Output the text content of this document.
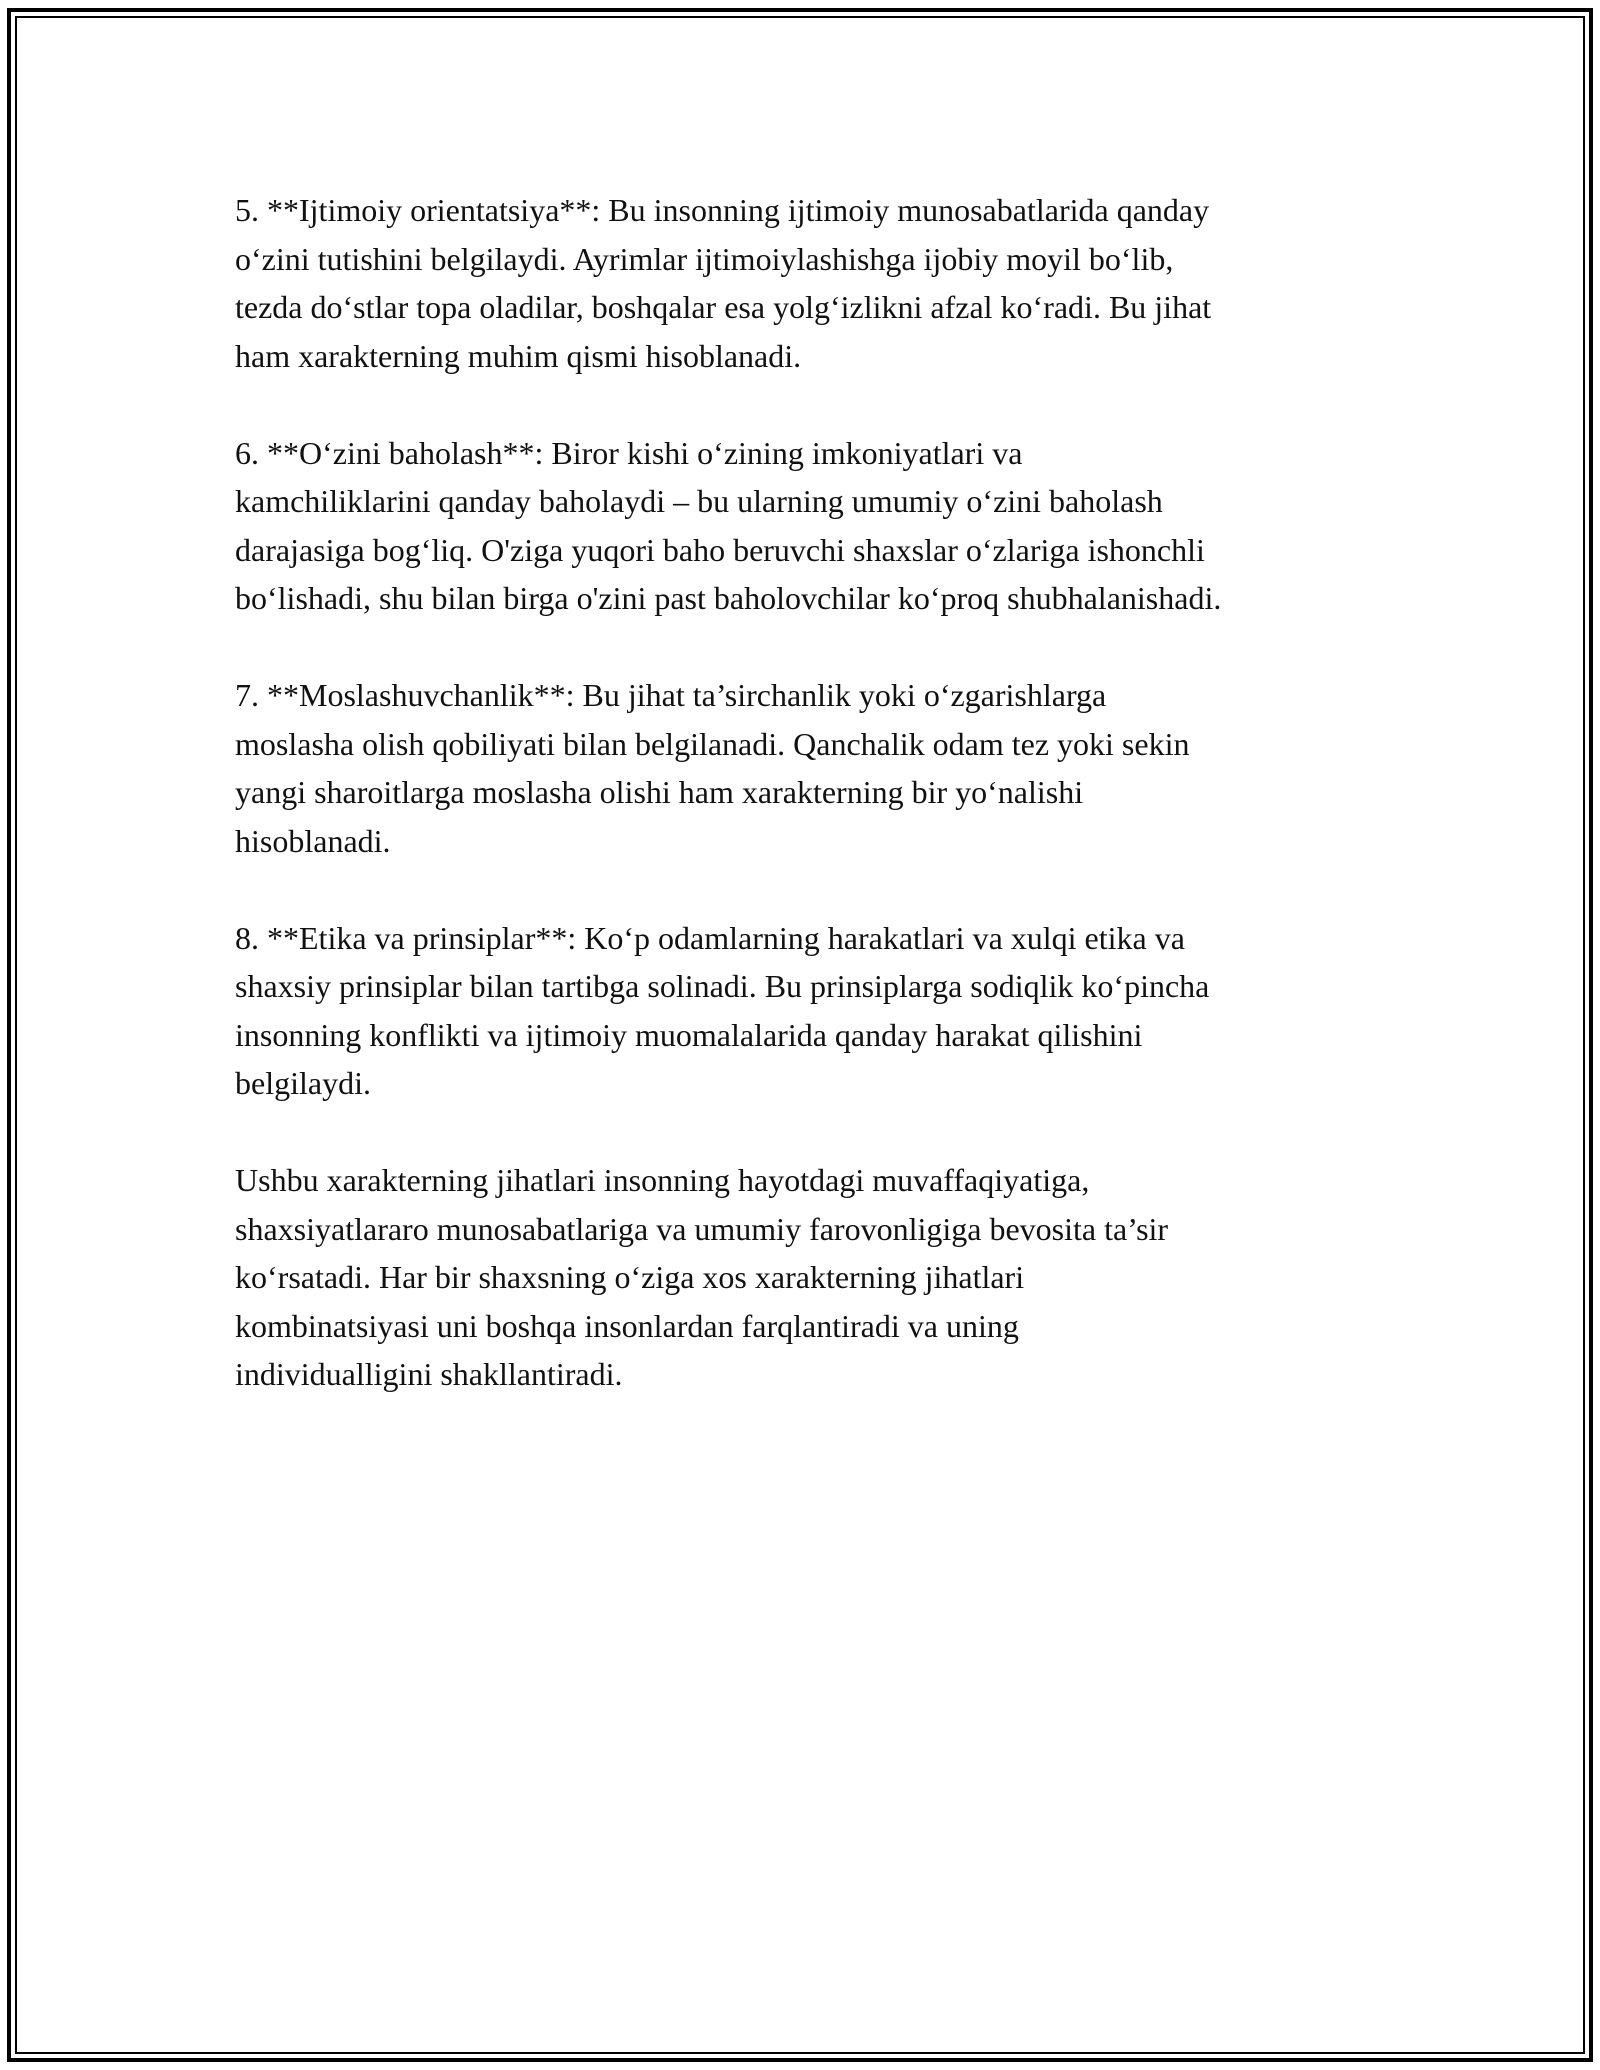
5. **Ijtimoiy orientatsiya**: Bu insonning ijtimoiy munosabatlarida qanday
o‘zini tutishini belgilaydi. Ayrimlar ijtimoiylashishga ijobiy moyil bo‘lib,
tezda do‘stlar topa oladilar, boshqalar esa yolg‘izlikni afzal ko‘radi. Bu jihat
ham xarakterning muhim qismi hisoblanadi.

6. **O‘zini baholash**: Biror kishi o‘zining imkoniyatlari va
kamchiliklarini qanday baholaydi – bu ularning umumiy o‘zini baholash
darajasiga bog‘liq. O'ziga yuqori baho beruvchi shaxslar o‘zlariga ishonchli
bo‘lishadi, shu bilan birga o'zini past baholovchilar ko‘proq shubhalanishadi.

7. **Moslashuvchanlik**: Bu jihat ta’sirchanlik yoki o‘zgarishlarga
moslasha olish qobiliyati bilan belgilanadi. Qanchalik odam tez yoki sekin
yangi sharoitlarga moslasha olishi ham xarakterning bir yo‘nalishi
hisoblanadi.

8. **Etika va prinsiplar**: Ko‘p odamlarning harakatlari va xulqi etika va
shaxsiy prinsiplar bilan tartibga solinadi. Bu prinsiplarga sodiqlik ko‘pincha
insonning konflikti va ijtimoiy muomalalarida qanday harakat qilishini
belgilaydi.

Ushbu xarakterning jihatlari insonning hayotdagi muvaffaqiyatiga,
shaxsiyatlararo munosabatlariga va umumiy farovonligiga bevosita ta’sir
ko‘rsatadi. Har bir shaxsning o‘ziga xos xarakterning jihatlari
kombinatsiyasi uni boshqa insonlardan farqlantiradi va uning
individualligini shakllantiradi.
